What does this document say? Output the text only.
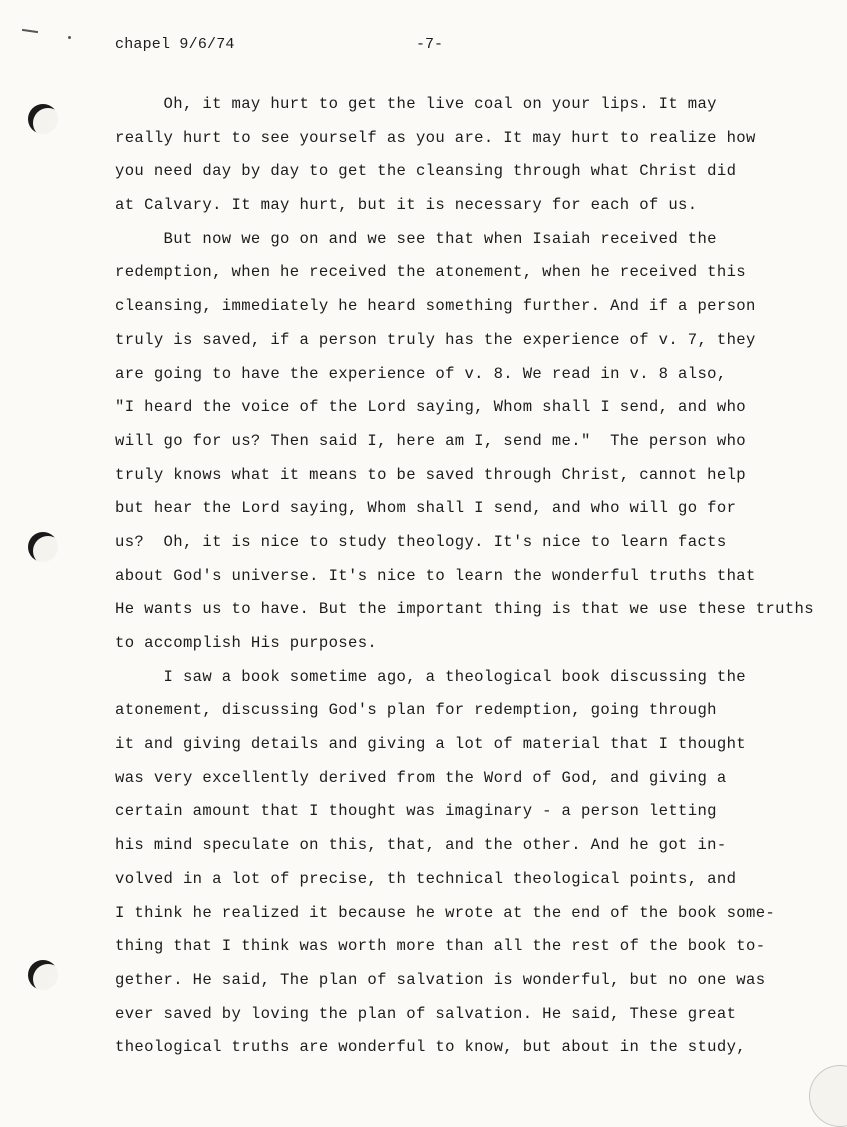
chapel 9/6/74	-7-
Oh, it may hurt to get the live coal on your lips. It may
really hurt to see yourself as you are. It may hurt to realize how
you need day by day to get the cleansing through what Christ did
at Calvary. It may hurt, but it is necessary for each of us.
But now we go on and we see that when Isaiah received the
redemption, when he received the atonement, when he received this
cleansing, immediately he heard something further. And if a person
truly is saved, if a person truly has the experience of v. 7, they
are going to have the experience of v. 8. We read in v. 8 also,
"I heard the voice of the Lord saying, Whom shall I send, and who
will go for us? Then said I, here am I, send me."  The person who
truly knows what it means to be saved through Christ, cannot help
but hear the Lord saying, Whom shall I send, and who will go for
us?  Oh, it is nice to study theology. It's nice to learn facts
about God's universe. It's nice to learn the wonderful truths that
He wants us to have. But the important thing is that we use these truths
to accomplish His purposes.
I saw a book sometime ago, a theological book discussing the
atonement, discussing God's plan for redemption, going through
it and giving details and giving a lot of material that I thought
was very excellently derived from the Word of God, and giving a
certain amount that I thought was imaginary - a person letting
his mind speculate on this, that, and the other. And he got in-
volved in a lot of precise, th technical theological points, and
I think he realized it because he wrote at the end of the book some-
thing that I think was worth more than all the rest of the book to-
gether. He said, The plan of salvation is wonderful, but no one was
ever saved by loving the plan of salvation. He said, These great
theological truths are wonderful to know, but about in the study,
